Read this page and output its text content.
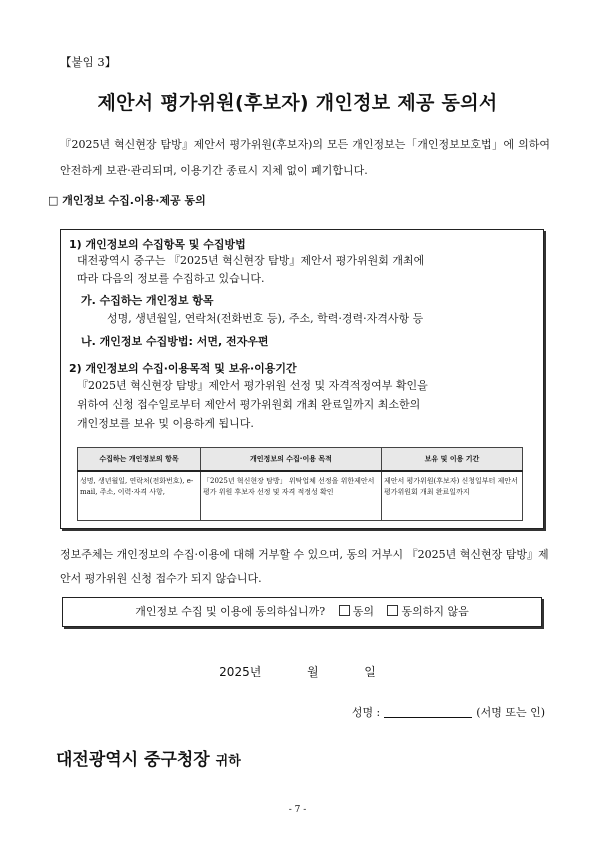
【붙임 3】
제안서 평가위원(후보자) 개인정보 제공 동의서
『2025년 혁신현장 탐방』제안서 평가위원(후보자)의 모든 개인정보는「개인정보보호법」에 의하여 안전하게 보관·관리되며, 이용기간 종료시 지체 없이 폐기합니다.
□ 개인정보 수집.이용·제공 동의
1) 개인정보의 수집항목 및 수집방법
대전광역시 중구는 『2025년 혁신현장 탐방』제안서 평가위원회 개최에
따라 다음의 정보를 수집하고 있습니다.
가. 수집하는 개인정보 항목
성명, 생년월일, 연락처(전화번호 등), 주소, 학력·경력·자격사항 등
나. 개인정보 수집방법: 서면, 전자우편
2) 개인정보의 수집·이용목적 및 보유·이용기간
『2025년 혁신현장 탐방』제안서 평가위원 선정 및 자격적정여부 확인을
위하여 신청 접수일로부터 제안서 평가위원회 개최 완료일까지 최소한의
개인정보를 보유 및 이용하게 됩니다.
수집하는 개인정보의 항목	개인정보의 수집·이용 목적	보유 및 이용 기간
성명, 생년월일, 연락처(전화번호), e-mail, 주소, 이력·자격 사항,	「2025년 혁신현장 탐방」 위탁업체 선정을 위한제안서 평가 위원 후보자 선정 및 자격 적정성 확인	제안서 평가위원(후보자) 신청일부터 제안서 평가위원회 개최 완료일까지
정보주체는 개인정보의 수집·이용에 대해 거부할 수 있으며, 동의 거부시 『2025년 혁신현장 탐방』제안서 평가위원 신청 접수가 되지 않습니다.
개인정보 수집 및 이용에 동의하십니까?	동의	동의하지 않음
2025년	월	일
성명 :	(서명 또는 인)
대전광역시 중구청장 귀하
- 7 -
